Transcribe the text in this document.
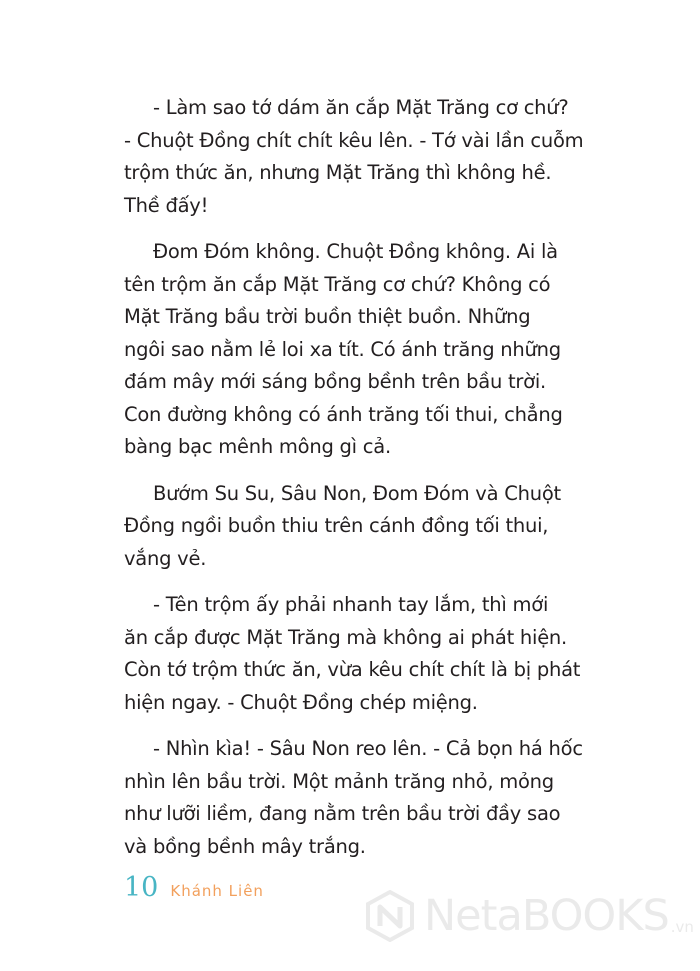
- Làm sao tớ dám ăn cắp Mặt Trăng cơ chứ?
- Chuột Đồng chít chít kêu lên. - Tớ vài lần cuỗm
trộm thức ăn, nhưng Mặt Trăng thì không hề.
Thề đấy!

Đom Đóm không. Chuột Đồng không. Ai là
tên trộm ăn cắp Mặt Trăng cơ chứ? Không có
Mặt Trăng bầu trời buồn thiệt buồn. Những
ngôi sao nằm lẻ loi xa tít. Có ánh trăng những
đám mây mới sáng bồng bềnh trên bầu trời.
Con đường không có ánh trăng tối thui, chẳng
bàng bạc mênh mông gì cả.

Bướm Su Su, Sâu Non, Đom Đóm và Chuột
Đồng ngồi buồn thiu trên cánh đồng tối thui,
vắng vẻ.

- Tên trộm ấy phải nhanh tay lắm, thì mới
ăn cắp được Mặt Trăng mà không ai phát hiện.
Còn tớ trộm thức ăn, vừa kêu chít chít là bị phát
hiện ngay. - Chuột Đồng chép miệng.

- Nhìn kìa! - Sâu Non reo lên. - Cả bọn há hốc
nhìn lên bầu trời. Một mảnh trăng nhỏ, mỏng
như lưỡi liềm, đang nằm trên bầu trời đầy sao
và bồng bềnh mây trắng.

10 Khánh Liên	NetaBOOKS .vn
